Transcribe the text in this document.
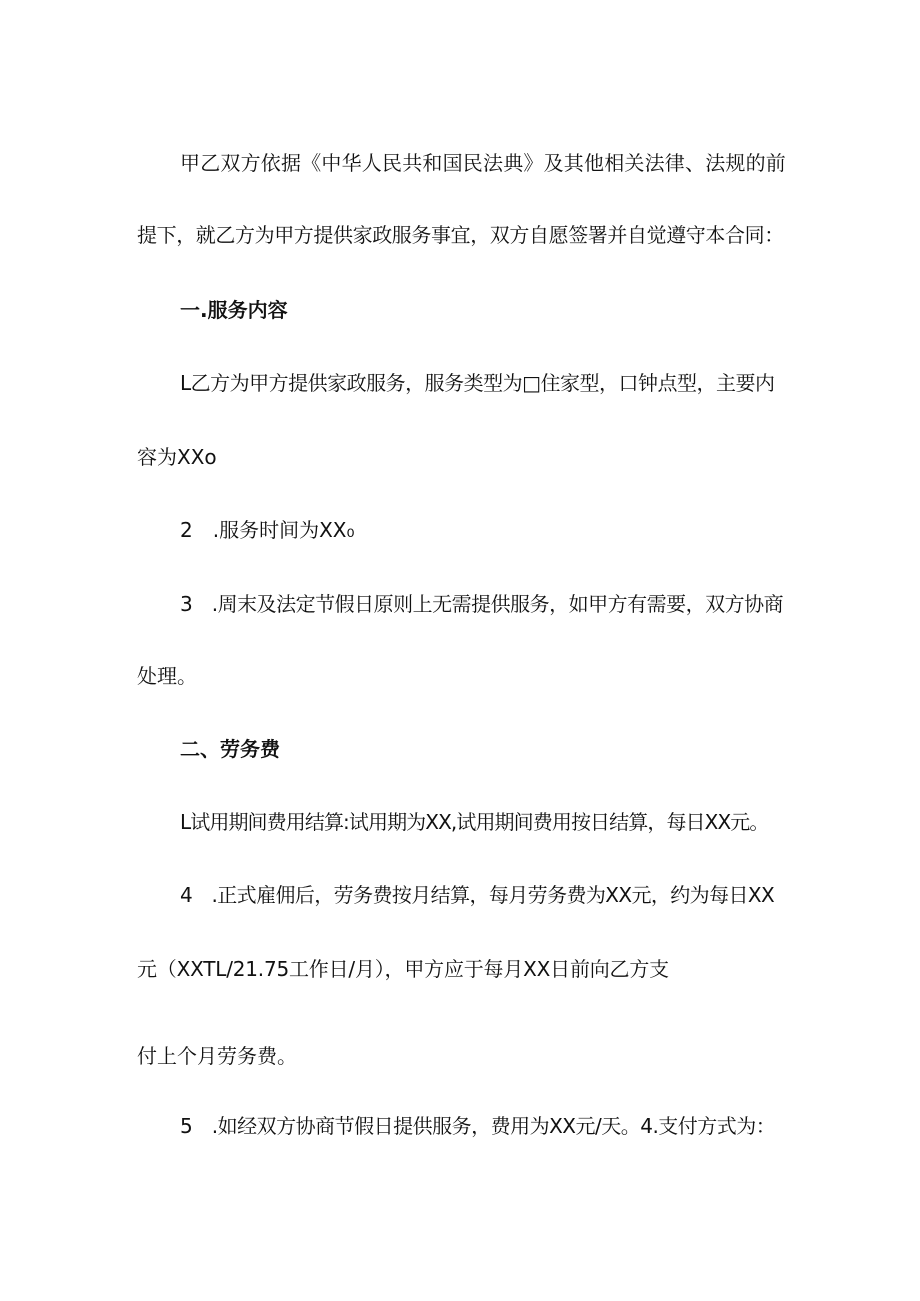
甲乙双方依据《中华人民共和国民法典》及其他相关法律、法规的前
提下，就乙方为甲方提供家政服务事宜，双方自愿签署并自觉遵守本合同：
一.服务内容
L乙方为甲方提供家政服务，服务类型为□住家型，口钟点型，主要内
容为XXo
2　.服务时间为XX₀
3　.周末及法定节假日原则上无需提供服务，如甲方有需要，双方协商
处理。
二、劳务费
L试用期间费用结算:试用期为XX,试用期间费用按日结算，每日XX元。
4　.正式雇佣后，劳务费按月结算，每月劳务费为XX元，约为每日XX
元（XXTL/21.75工作日/月），甲方应于每月XX日前向乙方支
付上个月劳务费。
5　.如经双方协商节假日提供服务，费用为XX元/天。4.支付方式为：
